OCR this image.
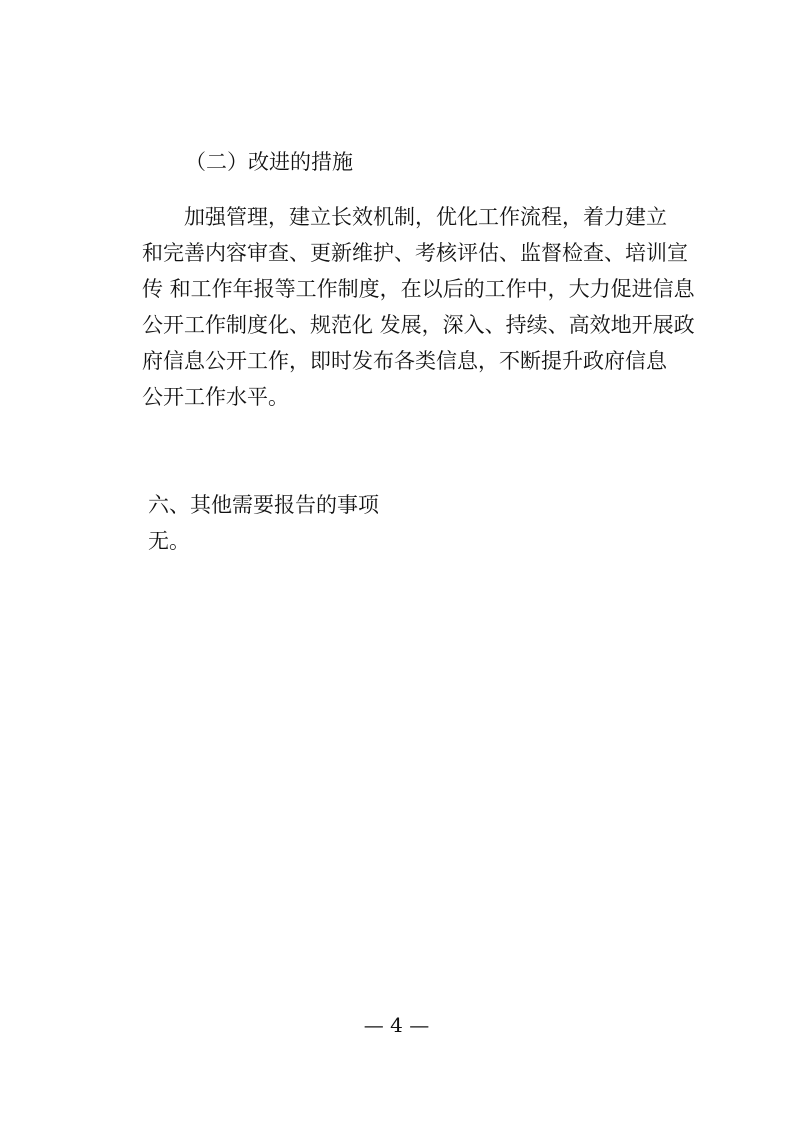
（二）改进的措施
加强管理，建立长效机制，优化工作流程，着力建立
和完善内容审查、更新维护、考核评估、监督检查、培训宣
传 和工作年报等工作制度，在以后的工作中，大力促进信息
公开工作制度化、规范化 发展，深入、持续、高效地开展政
府信息公开工作，即时发布各类信息，不断提升政府信息
公开工作水平。
六、其他需要报告的事项
无。
— 4 —
